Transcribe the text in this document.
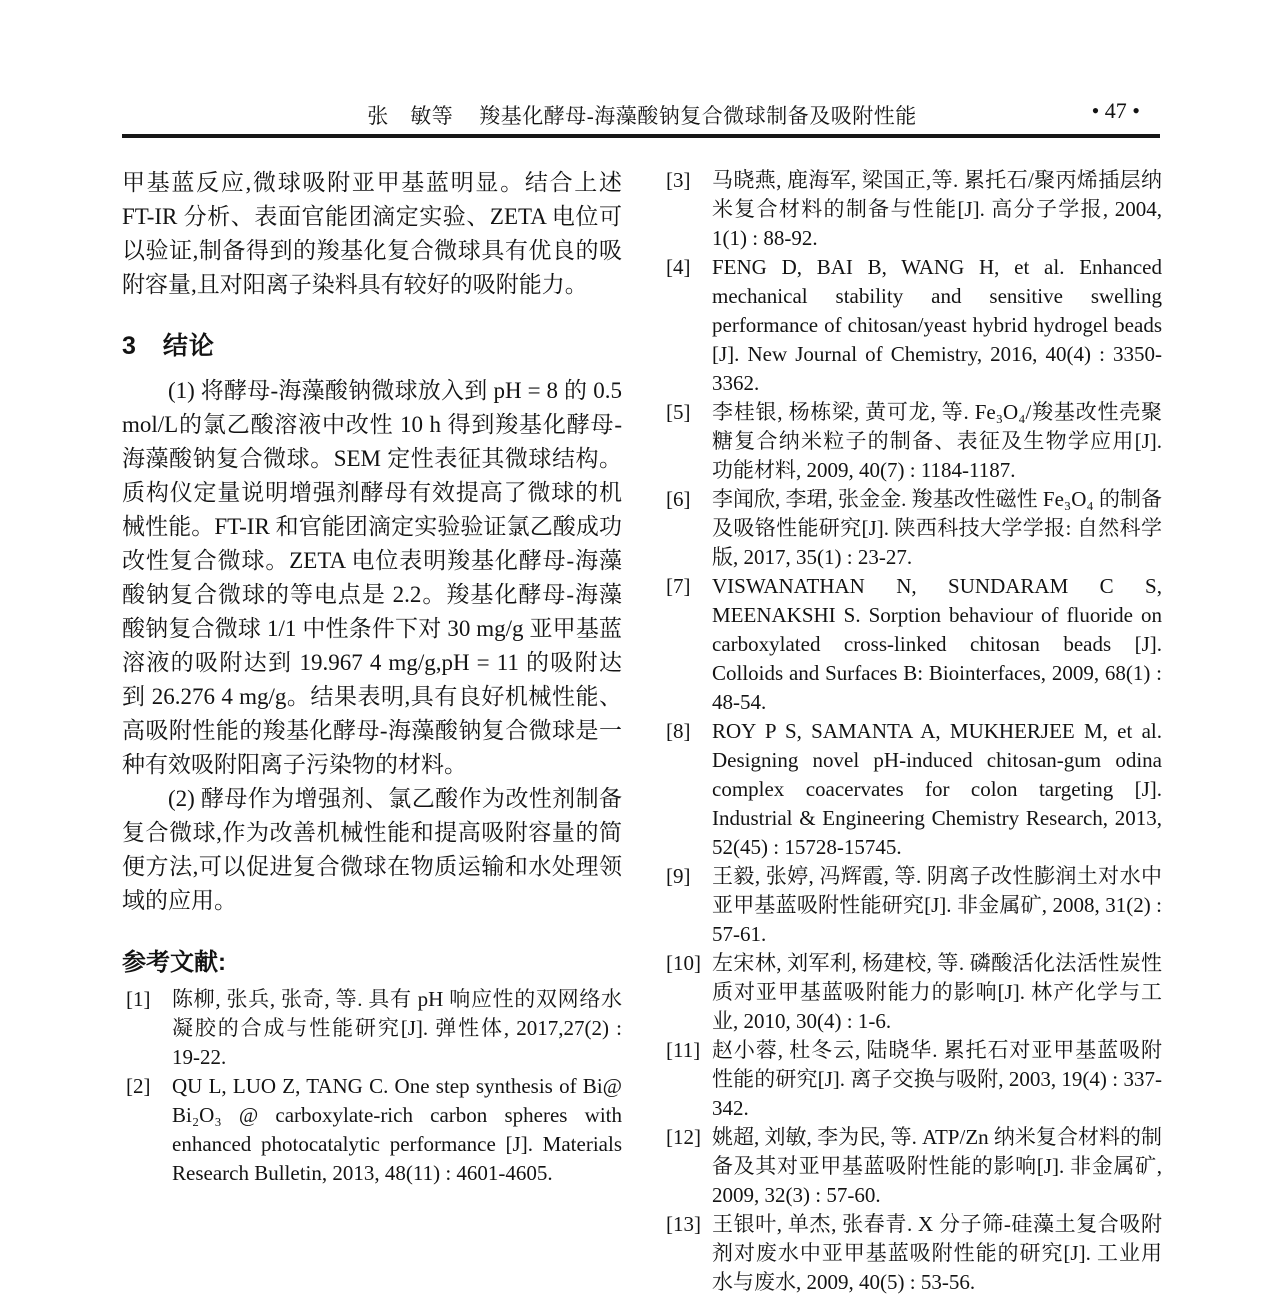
张　敏等 羧基化酵母-海藻酸钠复合微球制备及吸附性能	• 47 •

甲基蓝反应,微球吸附亚甲基蓝明显。结合上述 FT-IR 分析、表面官能团滴定实验、ZETA 电位可以验证,制备得到的羧基化复合微球具有优良的吸附容量,且对阳离子染料具有较好的吸附能力。

3　结论

(1) 将酵母-海藻酸钠微球放入到 pH = 8 的 0.5 mol/L的氯乙酸溶液中改性 10 h 得到羧基化酵母-海藻酸钠复合微球。SEM 定性表征其微球结构。质构仪定量说明增强剂酵母有效提高了微球的机械性能。FT-IR 和官能团滴定实验验证氯乙酸成功改性复合微球。ZETA 电位表明羧基化酵母-海藻酸钠复合微球的等电点是 2.2。羧基化酵母-海藻酸钠复合微球 1/1 中性条件下对 30 mg/g 亚甲基蓝溶液的吸附达到 19.967 4 mg/g,pH = 11 的吸附达到 26.276 4 mg/g。结果表明,具有良好机械性能、高吸附性能的羧基化酵母-海藻酸钠复合微球是一种有效吸附阳离子污染物的材料。

(2) 酵母作为增强剂、氯乙酸作为改性剂制备复合微球,作为改善机械性能和提高吸附容量的简便方法,可以促进复合微球在物质运输和水处理领域的应用。

参考文献:
[1]	陈柳, 张兵, 张奇, 等. 具有 pH 响应性的双网络水凝胶的合成与性能研究[J]. 弹性体, 2017,27(2) : 19-22.
[2]	QU L, LUO Z, TANG C. One step synthesis of Bi@ Bi₂O₃ @ carboxylate-rich carbon spheres with enhanced photocatalytic performance [J]. Materials Research Bulletin, 2013, 48(11) : 4601-4605.
[3]	马晓燕, 鹿海军, 梁国正,等. 累托石/聚丙烯插层纳米复合材料的制备与性能[J]. 高分子学报, 2004, 1(1) : 88-92.
[4]	FENG D, BAI B, WANG H, et al. Enhanced mechanical stability and sensitive swelling performance of chitosan/yeast hybrid hydrogel beads [J]. New Journal of Chemistry, 2016, 40(4) : 3350-3362.
[5]	李桂银, 杨栋梁, 黄可龙, 等. Fe₃O₄/羧基改性壳聚糖复合纳米粒子的制备、表征及生物学应用[J]. 功能材料, 2009, 40(7) : 1184-1187.
[6]	李闻欣, 李珺, 张金金. 羧基改性磁性 Fe₃O₄ 的制备及吸铬性能研究[J]. 陕西科技大学学报: 自然科学版, 2017, 35(1) : 23-27.
[7]	VISWANATHAN N, SUNDARAM C S, MEENAKSHI S. Sorption behaviour of fluoride on carboxylated cross-linked chitosan beads [J]. Colloids and Surfaces B: Biointerfaces, 2009, 68(1) : 48-54.
[8]	ROY P S, SAMANTA A, MUKHERJEE M, et al. Designing novel pH-induced chitosan-gum odina complex coacervates for colon targeting [J]. Industrial & Engineering Chemistry Research, 2013, 52(45) : 15728-15745.
[9]	王毅, 张婷, 冯辉霞, 等. 阴离子改性膨润土对水中亚甲基蓝吸附性能研究[J]. 非金属矿, 2008, 31(2) : 57-61.
[10] 左宋林, 刘军利, 杨建校, 等. 磷酸活化法活性炭性质对亚甲基蓝吸附能力的影响[J]. 林产化学与工业, 2010, 30(4) : 1-6.
[11] 赵小蓉, 杜冬云, 陆晓华. 累托石对亚甲基蓝吸附性能的研究[J]. 离子交换与吸附, 2003, 19(4) : 337-342.
[12] 姚超, 刘敏, 李为民, 等. ATP/Zn 纳米复合材料的制备及其对亚甲基蓝吸附性能的影响[J]. 非金属矿, 2009, 32(3) : 57-60.
[13] 王银叶, 单杰, 张春青. X 分子筛-硅藻土复合吸附剂对废水中亚甲基蓝吸附性能的研究[J]. 工业用水与废水, 2009, 40(5) : 53-56.
